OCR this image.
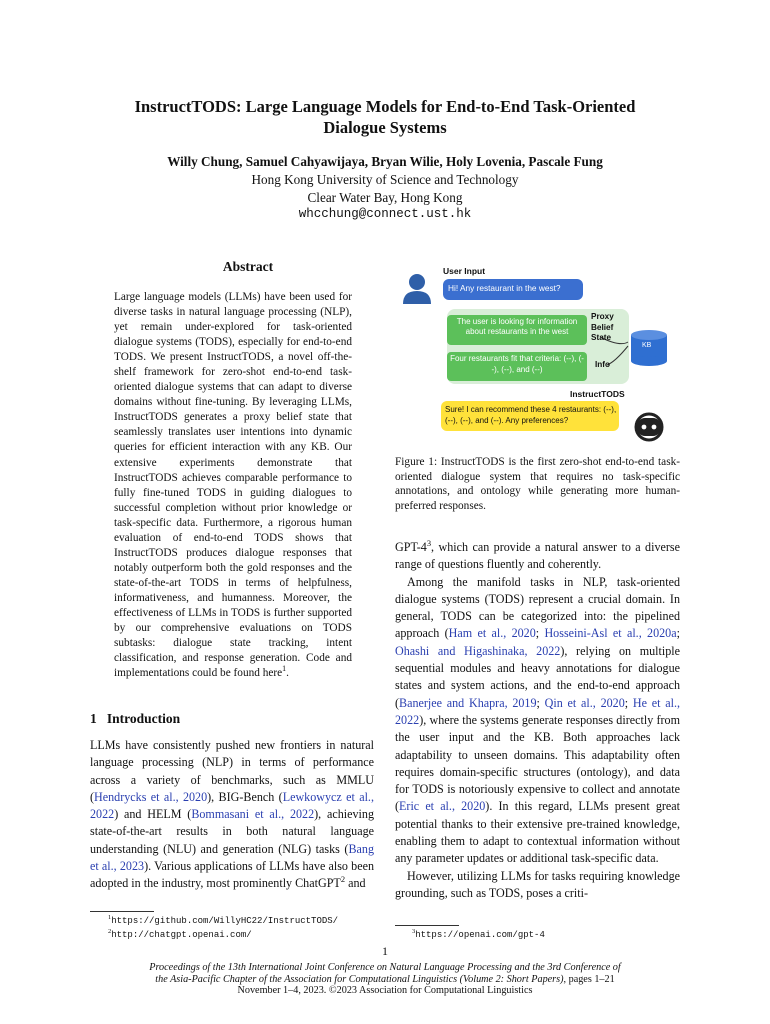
InstructTODS: Large Language Models for End-to-End Task-Oriented
Dialogue Systems
Willy Chung, Samuel Cahyawijaya, Bryan Wilie, Holy Lovenia, Pascale Fung
Hong Kong University of Science and Technology
Clear Water Bay, Hong Kong
whcchung@connect.ust.hk
Abstract
Large language models (LLMs) have been used for diverse tasks in natural language processing (NLP), yet remain under-explored for task-oriented dialogue systems (TODS), especially for end-to-end TODS. We present InstructTODS, a novel off-the-shelf framework for zero-shot end-to-end task-oriented dialogue systems that can adapt to diverse domains without fine-tuning. By leveraging LLMs, InstructTODS generates a proxy belief state that seamlessly translates user intentions into dynamic queries for efficient interaction with any KB. Our extensive experiments demonstrate that InstructTODS achieves comparable performance to fully fine-tuned TODS in guiding dialogues to successful completion without prior knowledge or task-specific data. Furthermore, a rigorous human evaluation of end-to-end TODS shows that InstructTODS produces dialogue responses that notably outperform both the gold responses and the state-of-the-art TODS in terms of helpfulness, informativeness, and humanness. Moreover, the effectiveness of LLMs in TODS is further supported by our comprehensive evaluations on TODS subtasks: dialogue state tracking, intent classification, and response generation. Code and implementations could be found here$^1$.
1 Introduction

LLMs have consistently pushed new frontiers in natural language processing (NLP) in terms of performance across a variety of benchmarks, such as MMLU (Hendrycks et al., 2020), BIG-Bench (Lewkowycz et al., 2022) and HELM (Bommasani et al., 2022), achieving state-of-the-art results in both natural language understanding (NLU) and generation (NLG) tasks (Bang et al., 2023). Various applications of LLMs have also been adopted in the industry, most prominently ChatGPT$^2$ and

$^1$https://github.com/WillyHC22/InstructTODS/
$^2$http://chatgpt.openai.com/
User Input
Hi! Any restaurant in the west?
The user is looking for information about restaurants in the west
Proxy
Belief
State
KB
Four restaurants fit that criteria: (--), (--), (--), and (--)	Info
InstructTODS
Sure! I can recommend these 4 restaurants: (--), (--), (--), and (--). Any preferences?
Figure 1: InstructTODS is the first zero-shot end-to-end task-oriented dialogue system that requires no task-specific annotations, and ontology while generating more human-preferred responses.

GPT-$4^3$, which can provide a natural answer to a diverse range of questions fluently and coherently.

Among the manifold tasks in NLP, task-oriented dialogue systems (TODS) represent a crucial domain. In general, TODS can be categorized into: the pipelined approach (Ham et al., 2020; Hosseini-Asl et al., 2020a; Ohashi and Higashinaka, 2022), relying on multiple sequential modules and heavy annotations for dialogue states and system actions, and the end-to-end approach (Banerjee and Khapra, 2019; Qin et al., 2020; He et al., 2022), where the systems generate responses directly from the user input and the KB. Both approaches lack adaptability to unseen domains. This adaptability often requires domain-specific structures (ontology), and data for TODS is notoriously expensive to collect and annotate (Eric et al., 2020). In this regard, LLMs present great potential thanks to their extensive pre-trained knowledge, enabling them to adapt to contextual information without any parameter updates or additional task-specific data.

However, utilizing LLMs for tasks requiring knowledge grounding, such as TODS, poses a criti-

$^3$https://openai.com/gpt-4
1
Proceedings of the 13th International Joint Conference on Natural Language Processing and the 3rd Conference of
the Asia-Pacific Chapter of the Association for Computational Linguistics (Volume 2: Short Papers), pages 1–21
November 1–4, 2023. ©2023 Association for Computational Linguistics
